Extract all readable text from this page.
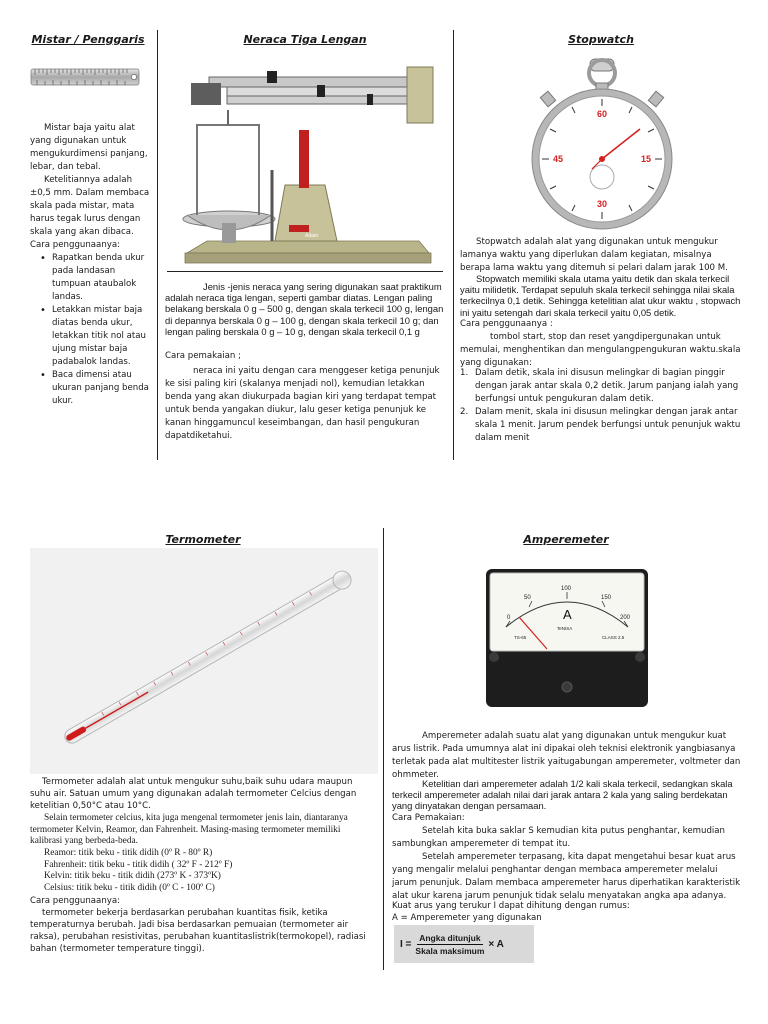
Mistar / Penggaris

Mistar baja yaitu alat yang digunakan untuk mengukurdimensi panjang, lebar, dan tebal.

Ketelitiannya adalah ±0,5 mm. Dalam membaca skala pada mistar, mata harus tegak lurus dengan skala yang akan dibaca.

Cara penggunaanya:

• Rapatkan benda ukur pada landasan tumpuan ataubalok landas.
• Letakkan mistar baja diatas benda ukur, letakkan titik nol atau ujung mistar baja padabalok landas.
• Baca dimensi atau ukuran panjang benda ukur.
Neraca Tiga Lengan
Adam
Jenis -jenis neraca yang sering digunakan saat praktikum adalah neraca tiga lengan, seperti gambar diatas. Lengan paling belakang berskala 0 g – 500 g, dengan skala terkecil 100 g, lengan di depannya berskala 0 g – 100 g, dengan skala terkecil 10 g; dan lengan paling berskala 0 g – 10 g, dengan skala terkecil 0,1 g
Cara pemakaian ;
neraca ini yaitu dengan cara menggeser ketiga penunjuk ke sisi paling kiri (skalanya menjadi nol), kemudian letakkan benda yang akan diukurpada bagian kiri yang terdapat tempat untuk benda yangakan diukur, lalu geser ketiga penunjuk ke kanan hinggamuncul keseimbangan, dan hasil pengukuran dapatdiketahui.
Stopwatch
60
15
30
45
Stopwatch adalah alat yang digunakan untuk mengukur lamanya waktu yang diperlukan dalam kegiatan, misalnya berapa lama waktu yang ditemuh si pelari dalam jarak 100 M.
Stopwatch memiliki skala utama yaitu detik dan skala terkecil yaitu milidetik. Terdapat sepuluh skala terkecil sehingga nilai skala terkecilnya 0,1 detik. Sehingga ketelitian alat ukur waktu , stopwach ini yaitu setengah dari skala terkecil yaitu 0,05 detik.
Cara penggunaanya :
tombol start, stop dan reset yangdipergunakan untuk memulai, menghentikan dan mengulangpengukuran waktu.skala yang digunakan:
1. Dalam detik, skala ini disusun melingkar di bagian pinggir dengan jarak antar skala 0,2 detik. Jarum panjang ialah yang berfungsi untuk pengukuran dalam detik.
2. Dalam menit, skala ini disusun melingkar dengan jarak antar skala 1 menit. Jarum pendek berfungsi untuk penunjuk waktu dalam menit
Termometer
Termometer adalah alat untuk mengukur suhu,baik suhu udara maupun suhu air. Satuan umum yang digunakan adalah termometer Celcius dengan ketelitian 0,50°C atau 10°C.
Selain termometer celcius, kita juga mengenal termometer jenis lain, diantaranya termometer Kelvin, Reamor, dan Fahrenheit. Masing-masing termometer memiliki kalibrasi yang berbeda-beda.

Reamor: titik beku - titik didih (0º R - 80º R)

Fahrenheit: titik beku - titik didih ( 32º F - 212º F)

Kelvin: titik beku - titik didih (273º K - 373ºK)

Celsius: titik beku - titik didih (0º C - 100º C)

Cara penggunaanya:
termometer bekerja berdasarkan perubahan kuantitas fisik, ketika temperaturnya berubah. Jadi bisa berdasarkan pemuaian (termometer air raksa), perubahan resistivitas, perubahan kuantitaslistrik(termokopel), radiasi bahan (termometer temperature tinggi).
Amperemeter
0
50
100
150
200
A
TeNISA
CLASS 2.5
TS-65
Amperemeter adalah suatu alat yang digunakan untuk mengukur kuat arus listrik. Pada umumnya alat ini dipakai oleh teknisi elektronik yangbiasanya terletak pada alat multitester listrik yaitugabungan amperemeter, voltmeter dan ohmmeter.
Ketelitian dari amperemeter adalah 1/2 kali skala terkecil, sedangkan skala terkecil amperemeter adalah nilai dari jarak antara 2 kala yang saling berdekatan yang dinyatakan dengan persamaan.
Cara Pemakaian:
Setelah kita buka saklar S kemudian kita putus penghantar, kemudian sambungkan amperemeter di tempat itu.
Setelah amperemeter terpasang, kita dapat mengetahui besar kuat arus yang mengalir melalui penghantar dengan membaca amperemeter melalui jarum penunjuk. Dalam membaca amperemeter harus diperhatikan karakteristik alat ukur karena jarum penunjuk tidak selalu menyatakan angka apa adanya.
Kuat arus yang terukur I dapat dihitung dengan rumus:
A = Amperemeter yang digunakan
$I = \frac{\text{Angka ditunjuk}}{\text{Skala maksimum}} \times A$
